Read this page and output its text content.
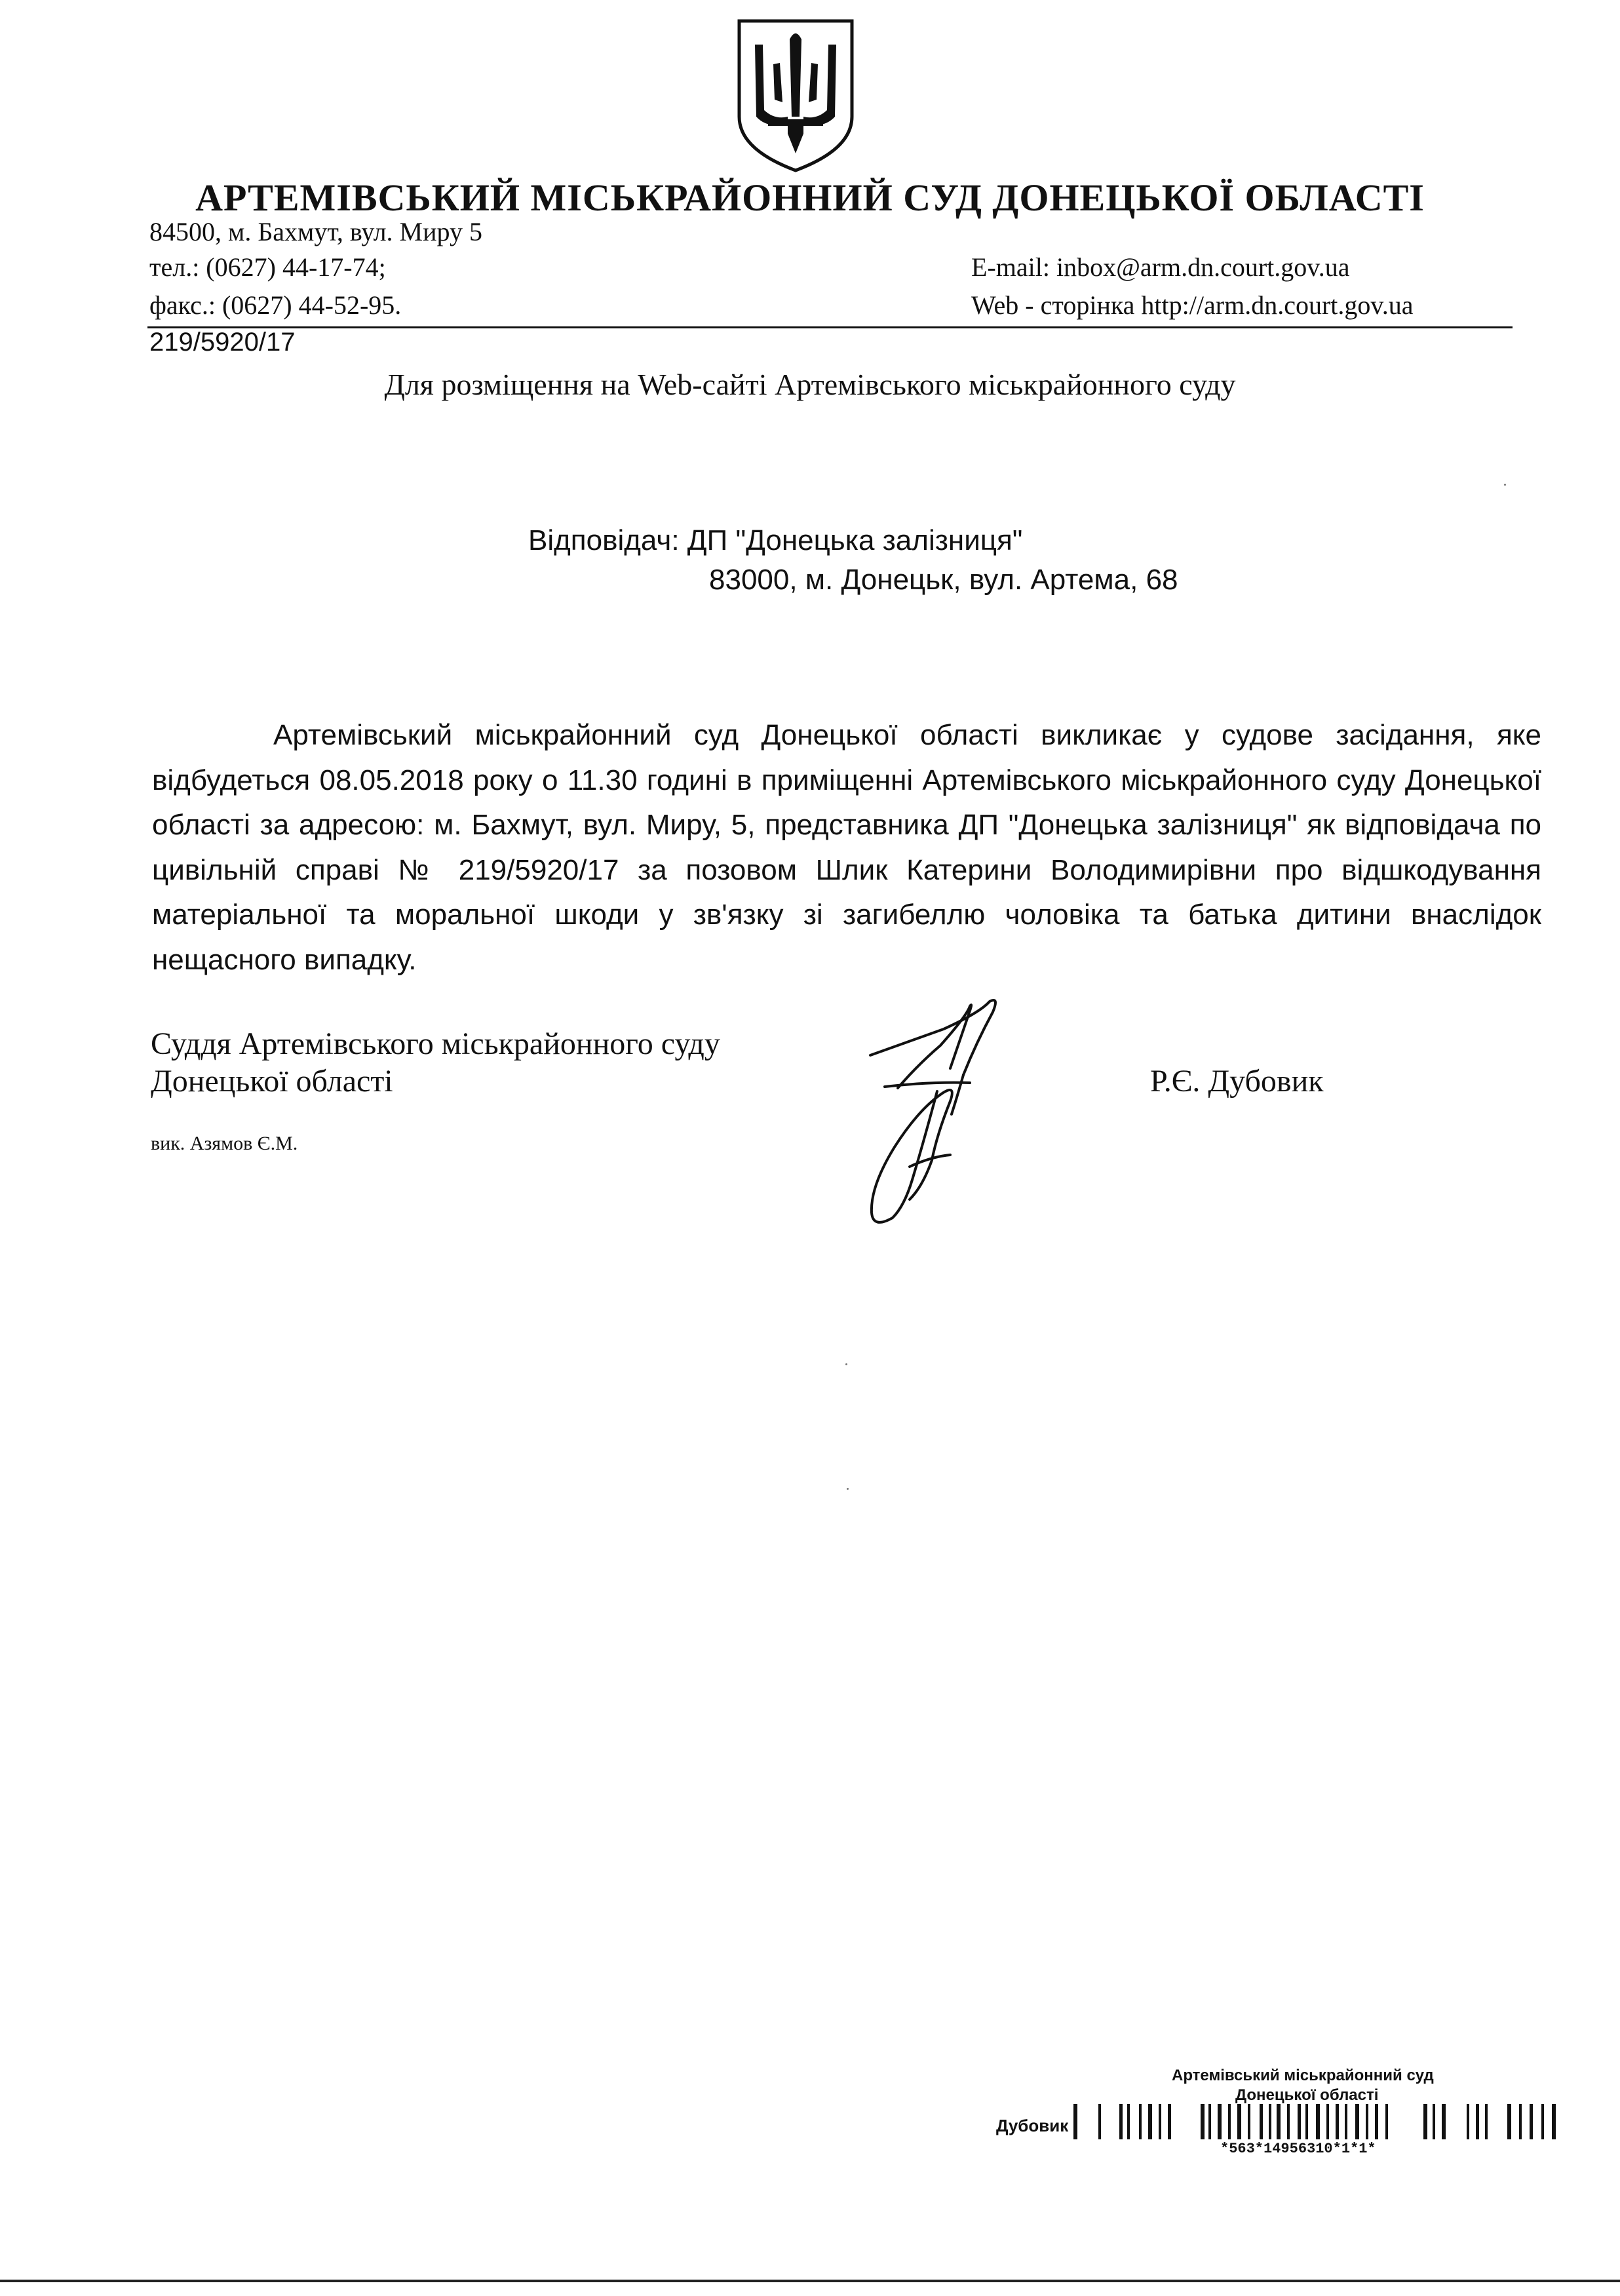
АРТЕМІВСЬКИЙ МІСЬКРАЙОННИЙ СУД ДОНЕЦЬКОЇ ОБЛАСТІ
84500, м. Бахмут, вул. Миру 5
тел.: (0627) 44-17-74;
факс.: (0627) 44-52-95.
E-mail: inbox@arm.dn.court.gov.ua
Web - сторінка http://arm.dn.court.gov.ua
219/5920/17
Для розміщення на Web-сайті Артемівського міськрайонного суду
Відповідач: ДП "Донецька залізниця"
83000, м. Донецьк, вул. Артема, 68

Артемівський міськрайонний суд Донецької області викликає у судове засідання, яке відбудеться 08.05.2018 року о 11.30 годині в приміщенні Артемівського міськрайонного суду Донецької області за адресою: м. Бахмут, вул. Миру, 5, представника ДП "Донецька залізниця" як відповідача по цивільній справі № 219/5920/17 за позовом Шлик Катерини Володимирівни про відшкодування матеріальної та моральної шкоди у зв'язку зі загибеллю чоловіка та батька дитини внаслідок нещасного випадку.

Суддя Артемівського міськрайонного суду
Донецької області	Р.Є. Дубовик
вик. Азямов Є.М.
Артемівський міськрайонний суд
Донецької області
Дубовик
*563*14956310*1*1*
